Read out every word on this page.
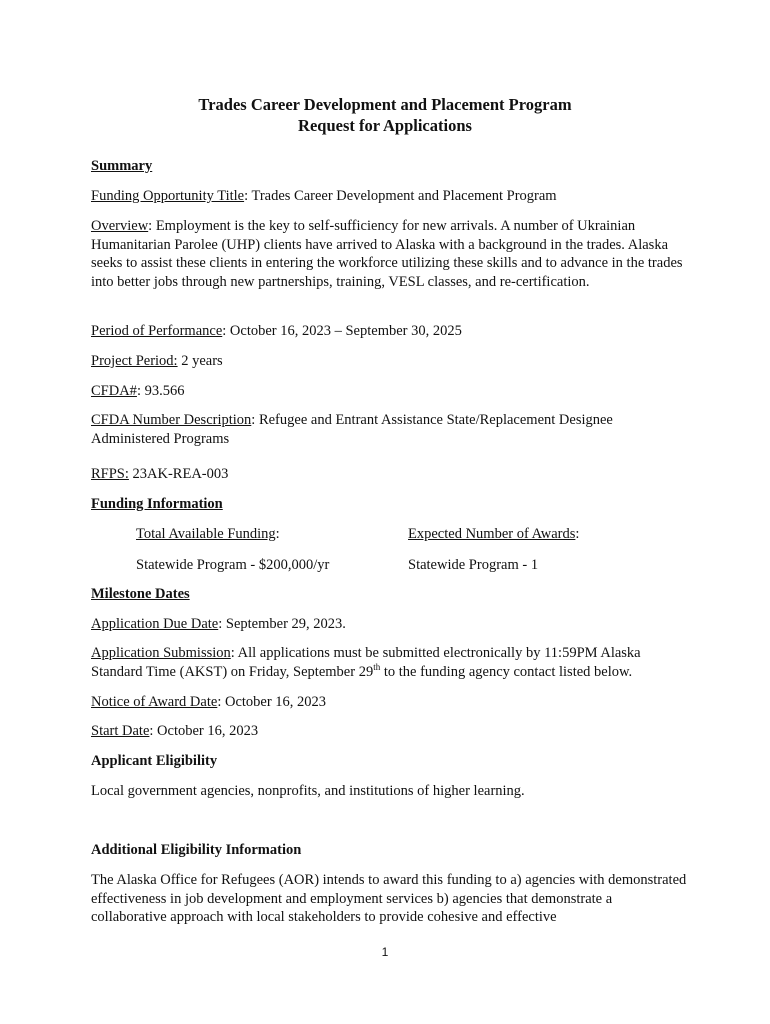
Trades Career Development and Placement Program
Request for Applications
Summary
Funding Opportunity Title: Trades Career Development and Placement Program
Overview: Employment is the key to self-sufficiency for new arrivals. A number of Ukrainian Humanitarian Parolee (UHP) clients have arrived to Alaska with a background in the trades. Alaska seeks to assist these clients in entering the workforce utilizing these skills and to advance in the trades into better jobs through new partnerships, training, VESL classes, and re-certification.
Period of Performance: October 16, 2023 – September 30, 2025
Project Period: 2 years
CFDA#: 93.566
CFDA Number Description: Refugee and Entrant Assistance State/Replacement Designee Administered Programs
RFPS: 23AK-REA-003
Funding Information
Total Available Funding:	Expected Number of Awards:
Statewide Program - $200,000/yr	Statewide Program - 1
Milestone Dates
Application Due Date: September 29, 2023.
Application Submission: All applications must be submitted electronically by 11:59PM Alaska Standard Time (AKST) on Friday, September 29th to the funding agency contact listed below.
Notice of Award Date: October 16, 2023
Start Date: October 16, 2023
Applicant Eligibility
Local government agencies, nonprofits, and institutions of higher learning.
Additional Eligibility Information
The Alaska Office for Refugees (AOR) intends to award this funding to a) agencies with demonstrated effectiveness in job development and employment services b) agencies that demonstrate a collaborative approach with local stakeholders to provide cohesive and effective
1
